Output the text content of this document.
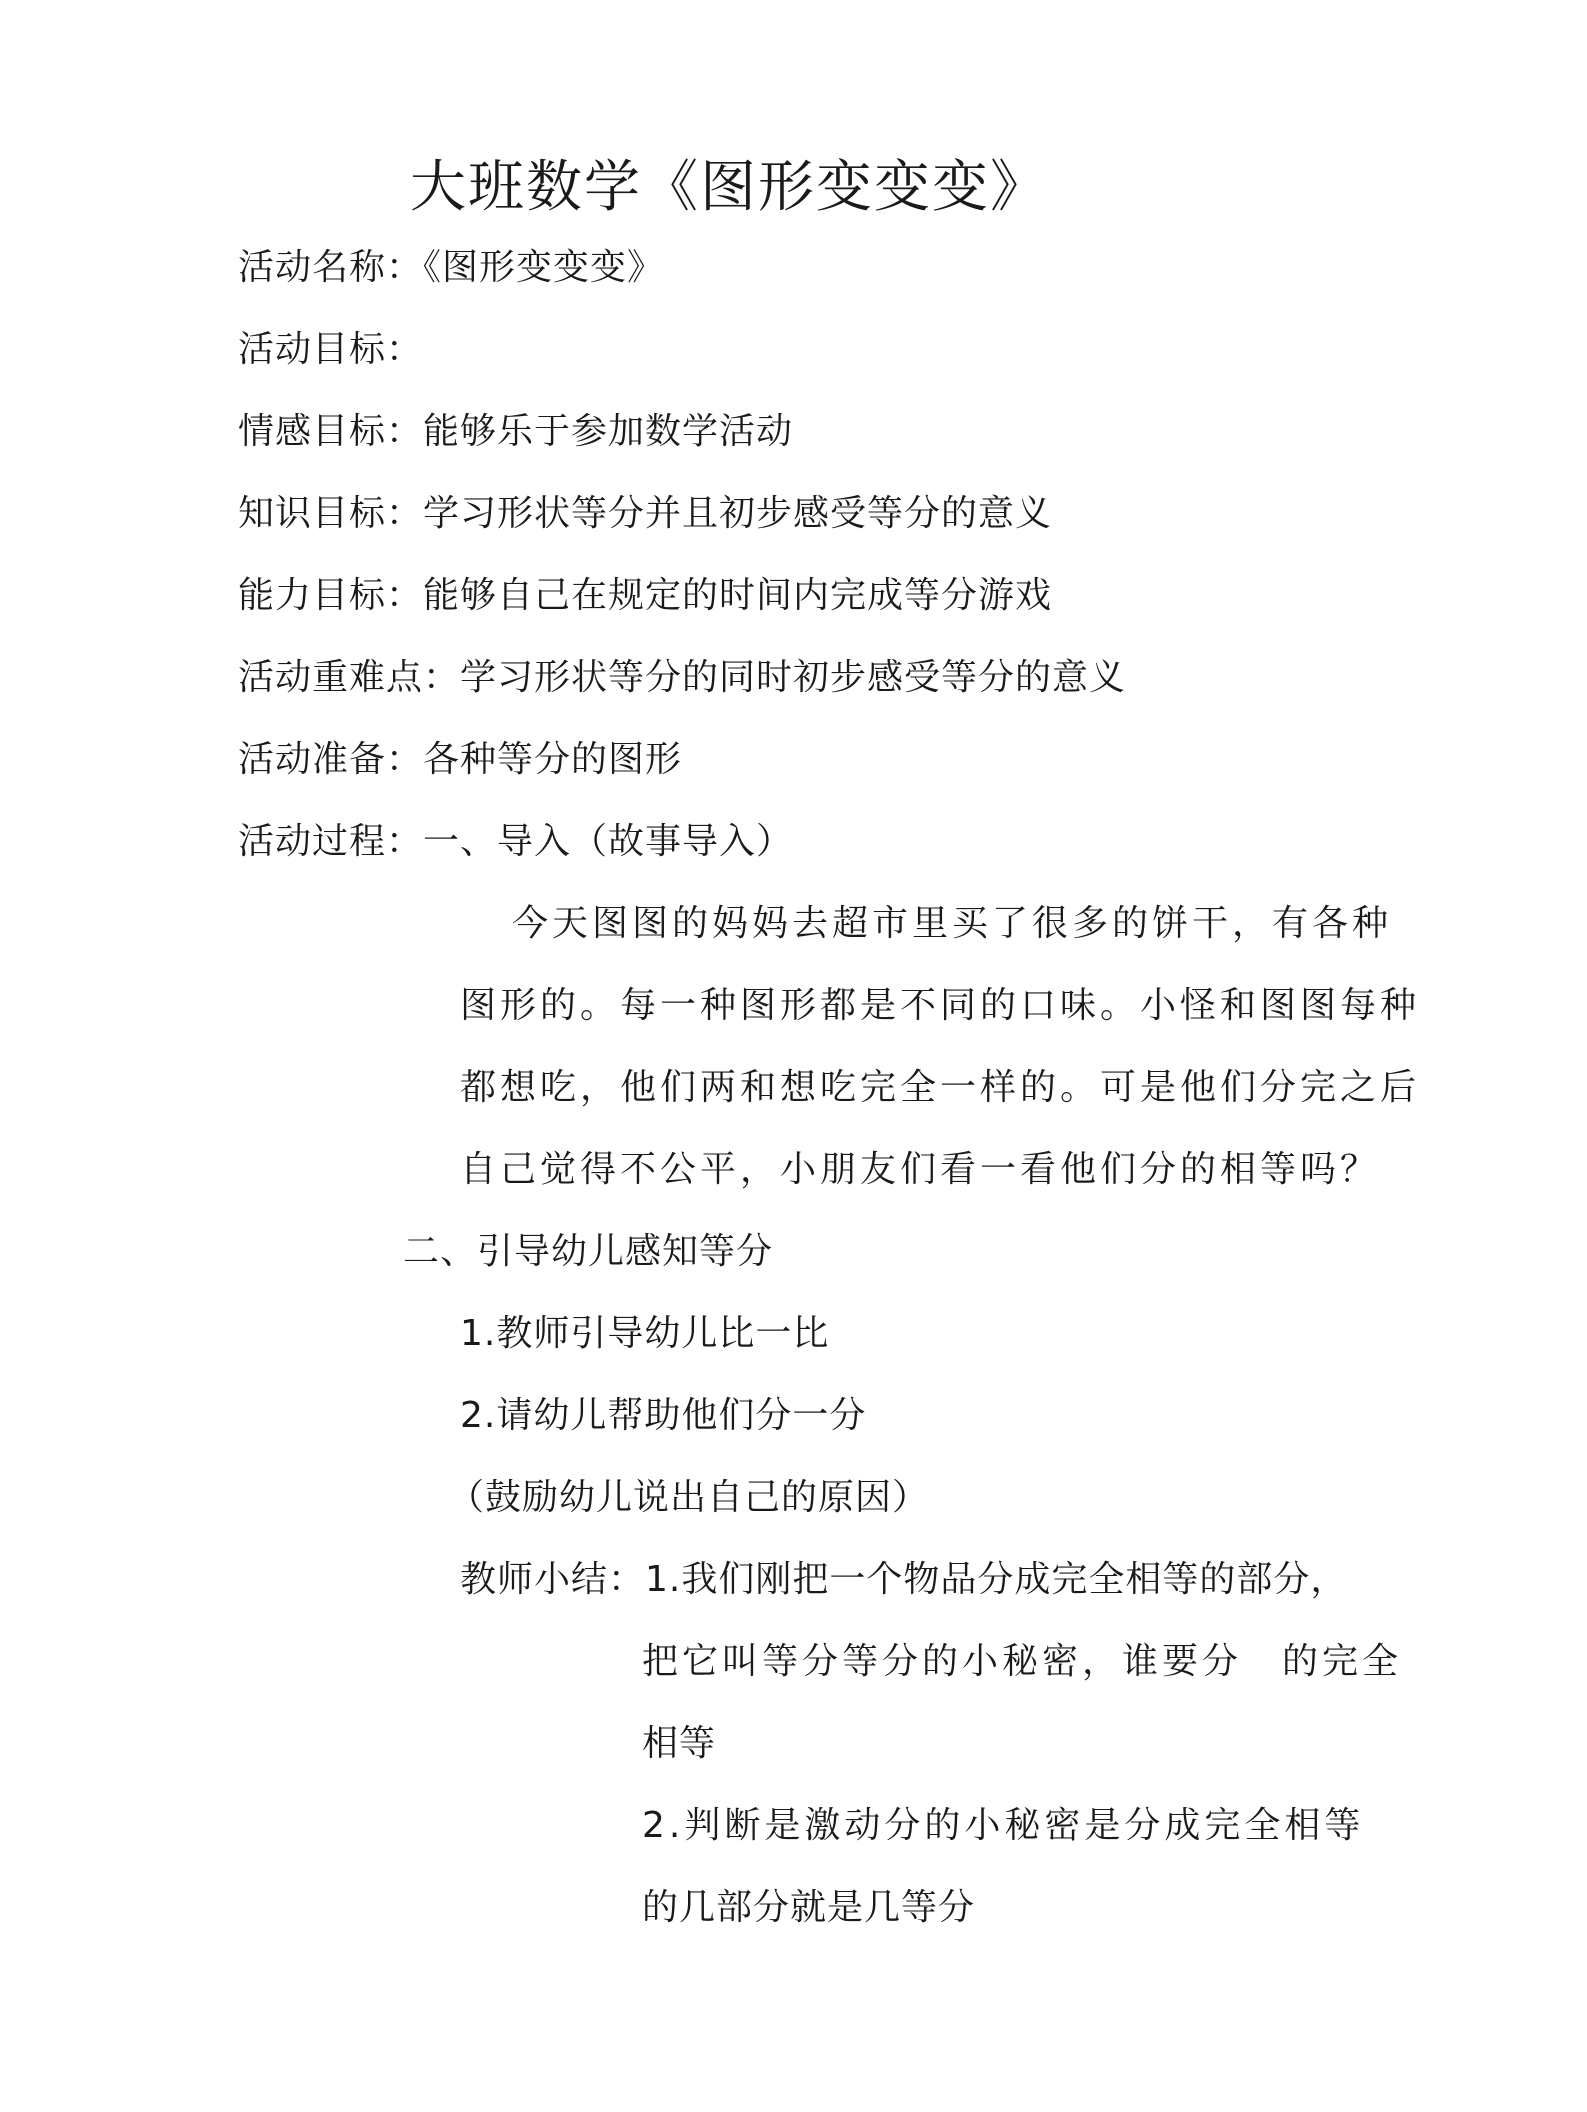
大班数学《图形变变变》
活动名称：《图形变变变》
活动目标：
情感目标：能够乐于参加数学活动
知识目标：学习形状等分并且初步感受等分的意义
能力目标：能够自己在规定的时间内完成等分游戏
活动重难点：学习形状等分的同时初步感受等分的意义
活动准备：各种等分的图形
活动过程：一、导入（故事导入）
今天图图的妈妈去超市里买了很多的饼干，有各种
图形的。每一种图形都是不同的口味。小怪和图图每种
都想吃，他们两和想吃完全一样的。可是他们分完之后
自己觉得不公平，小朋友们看一看他们分的相等吗？
二、引导幼儿感知等分
1.教师引导幼儿比一比
2.请幼儿帮助他们分一分
（鼓励幼儿说出自己的原因）
教师小结：1.我们刚把一个物品分成完全相等的部分，
把它叫等分等分的小秘密，谁要分　的完全
相等
2.判断是激动分的小秘密是分成完全相等
的几部分就是几等分
